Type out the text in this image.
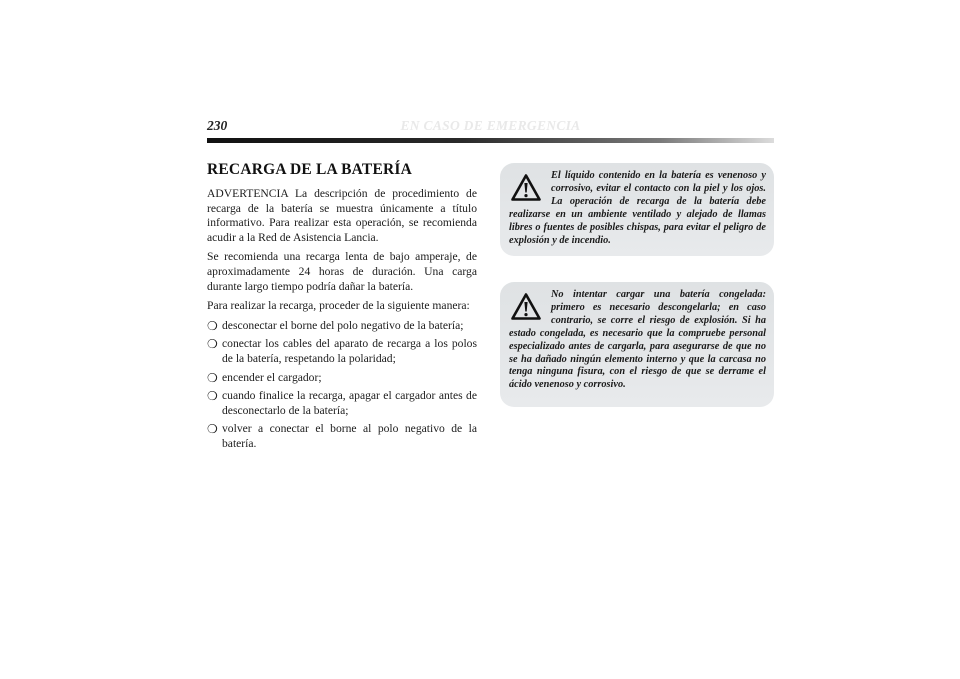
230	EN CASO DE EMERGENCIA
RECARGA DE LA BATERÍA

ADVERTENCIA La descripción de procedimiento de recarga de la batería se muestra únicamente a título informativo. Para realizar esta operación, se recomienda acudir a la Red de Asistencia Lancia.

Se recomienda una recarga lenta de bajo amperaje, de aproximadamente 24 horas de duración. Una carga durante largo tiempo podría dañar la batería.

Para realizar la recarga, proceder de la siguiente manera:

❍ desconectar el borne del polo negativo de la batería;
❍ conectar los cables del aparato de recarga a los polos de la batería, respetando la polaridad;
❍ encender el cargador;
❍ cuando finalice la recarga, apagar el cargador antes de desconectarlo de la batería;
❍ volver a conectar el borne al polo negativo de la batería.

El líquido contenido en la batería es venenoso y corrosivo, evitar el contacto con la piel y los ojos. La operación de recarga de la batería debe realizarse en un ambiente ventilado y alejado de llamas libres o fuentes de posibles chispas, para evitar el peligro de explosión y de incendio.

No intentar cargar una batería congelada: primero es necesario descongelarla; en caso contrario, se corre el riesgo de explosión. Si ha estado congelada, es necesario que la compruebe personal especializado antes de cargarla, para asegurarse de que no se ha dañado ningún elemento interno y que la carcasa no tenga ninguna fisura, con el riesgo de que se derrame el ácido venenoso y corrosivo.
